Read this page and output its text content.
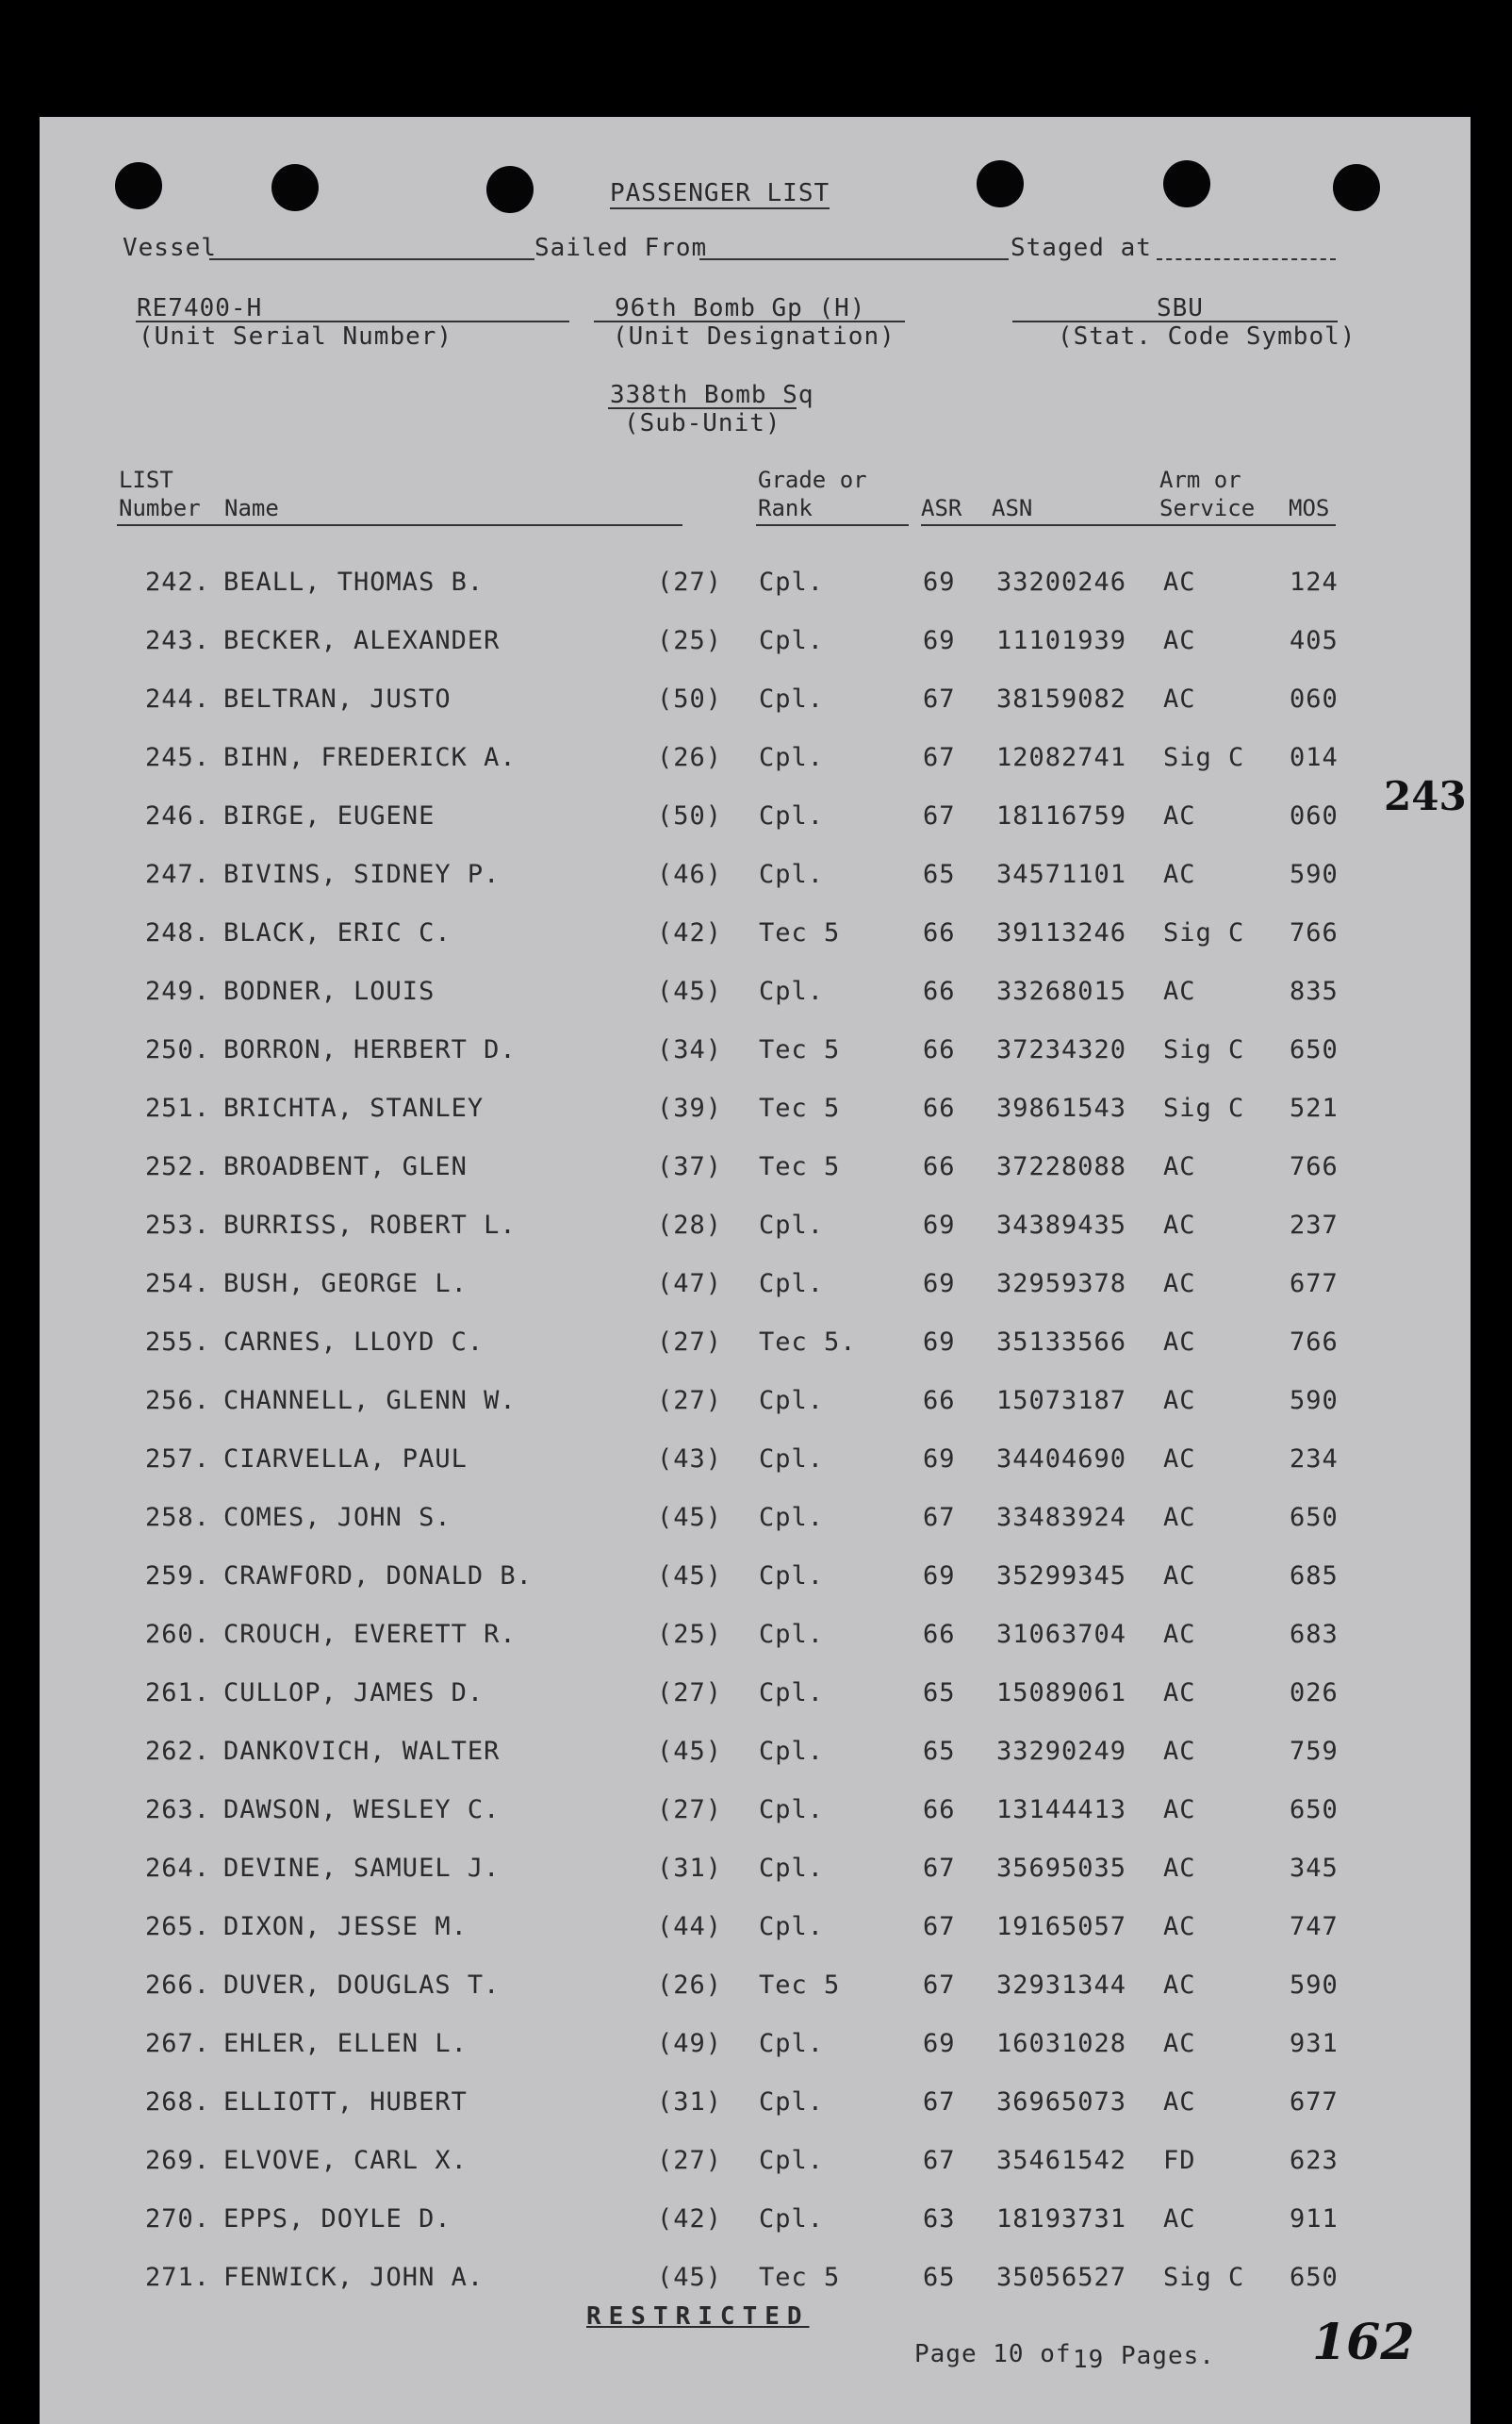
PASSENGER LIST
Vessel	Sailed From	Staged at
RE7400-H
(Unit Serial Number)
96th Bomb Gp (H)
(Unit Designation)
SBU
(Stat. Code Symbol)
338th Bomb Sq
(Sub-Unit)
LIST
Number Name
Grade or
Rank	ASR ASN
Arm or
Service MOS
242. BEALL, THOMAS B.	(27) Cpl.	69 33200246 AC	124
243. BECKER, ALEXANDER	(25) Cpl.	69 11101939 AC	405
244. BELTRAN, JUSTO	(50) Cpl.	67 38159082 AC	060
245. BIHN, FREDERICK A.	(26) Cpl.	67 12082741 Sig C 014
246. BIRGE, EUGENE	(50) Cpl.	67 18116759 AC	060
247. BIVINS, SIDNEY P.	(46) Cpl.	65 34571101 AC	590
248. BLACK, ERIC C.	(42) Tec 5	66 39113246 Sig C 766
249. BODNER, LOUIS	(45) Cpl.	66 33268015 AC	835
250. BORRON, HERBERT D.	(34) Tec 5	66 37234320 Sig C 650
251. BRICHTA, STANLEY	(39) Tec 5	66 39861543 Sig C 521
252. BROADBENT, GLEN	(37) Tec 5	66 37228088 AC	766
253. BURRISS, ROBERT L.	(28) Cpl.	69 34389435 AC	237
254. BUSH, GEORGE L.	(47) Cpl.	69 32959378 AC	677
255. CARNES, LLOYD C.	(27) Tec 5.	69 35133566 AC	766
256. CHANNELL, GLENN W.	(27) Cpl.	66 15073187 AC	590
257. CIARVELLA, PAUL	(43) Cpl.	69 34404690 AC	234
258. COMES, JOHN S.	(45) Cpl.	67 33483924 AC	650
259. CRAWFORD, DONALD B.	(45) Cpl.	69 35299345 AC	685
260. CROUCH, EVERETT R.	(25) Cpl.	66 31063704 AC	683
261. CULLOP, JAMES D.	(27) Cpl.	65 15089061 AC	026
262. DANKOVICH, WALTER	(45) Cpl.	65 33290249 AC	759
263. DAWSON, WESLEY C.	(27) Cpl.	66 13144413 AC	650
264. DEVINE, SAMUEL J.	(31) Cpl.	67 35695035 AC	345
265. DIXON, JESSE M.	(44) Cpl.	67 19165057 AC	747
266. DUVER, DOUGLAS T.	(26) Tec 5	67 32931344 AC	590
267. EHLER, ELLEN L.	(49) Cpl.	69 16031028 AC	931
268. ELLIOTT, HUBERT	(31) Cpl.	67 36965073 AC	677
269. ELVOVE, CARL X.	(27) Cpl.	67 35461542 FD	623
270. EPPS, DOYLE D.	(42) Cpl.	63 18193731 AC	911
271. FENWICK, JOHN A.	(45) Tec 5	65 35056527 Sig C 650
RESTRICTED
Page 10 of 19 Pages. 162
243
